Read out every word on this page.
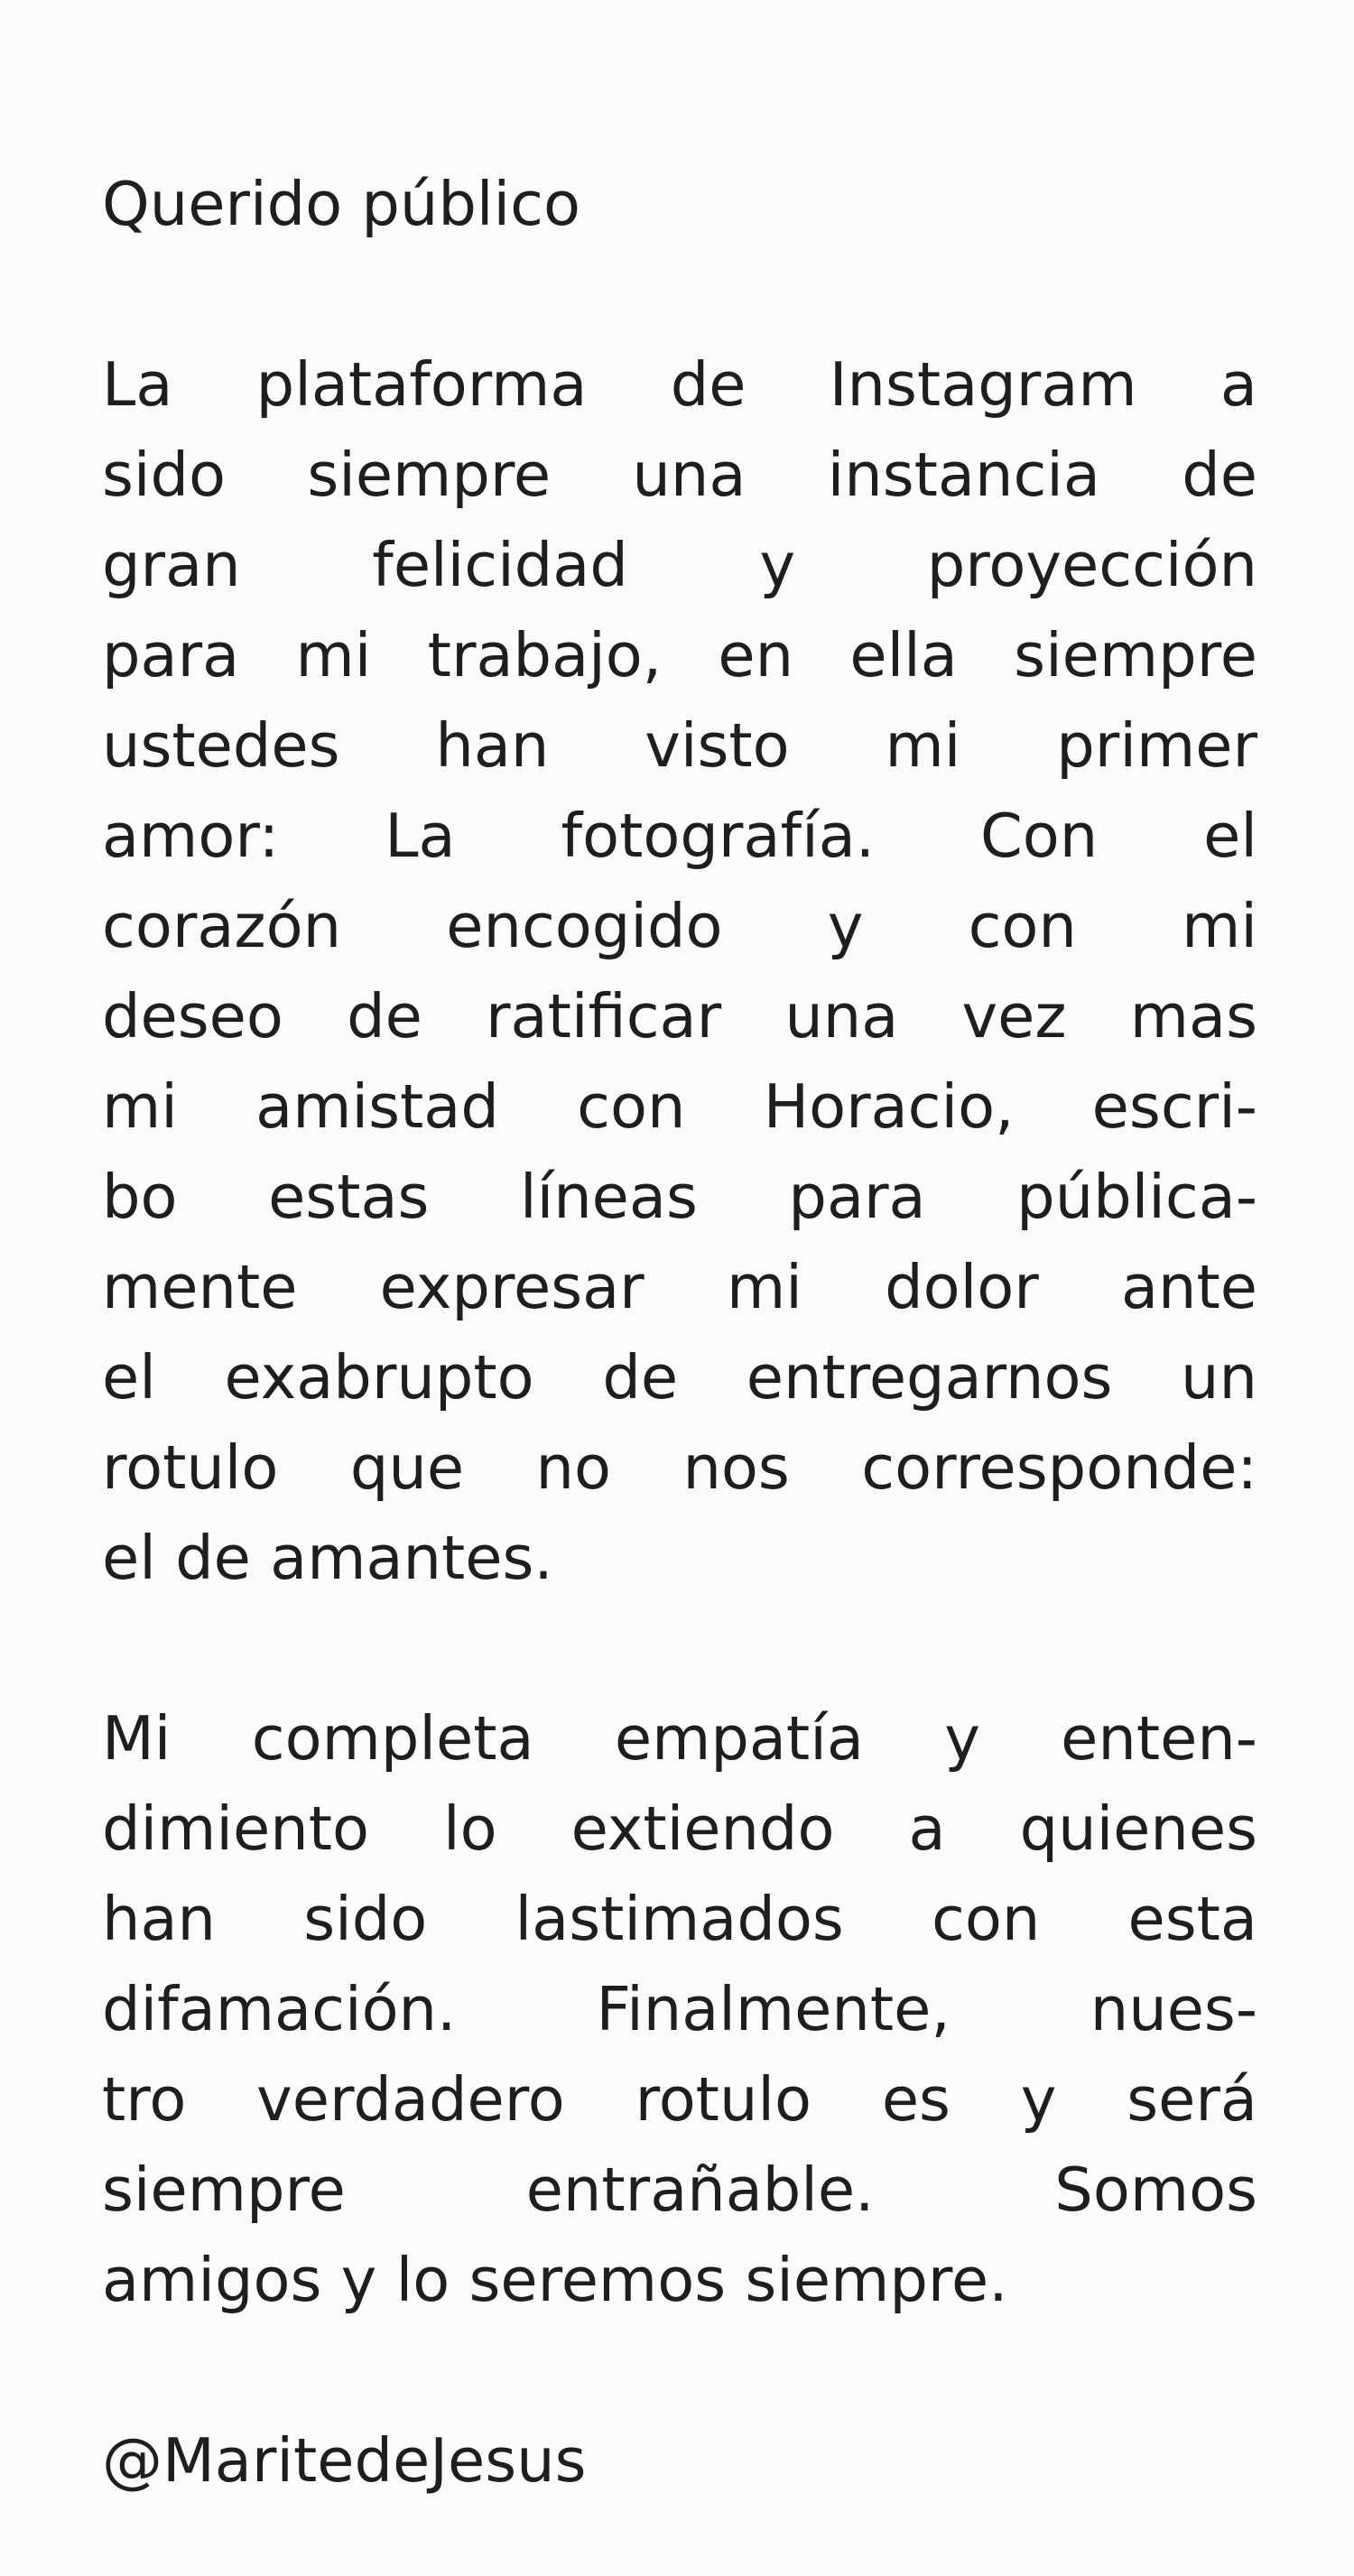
Querido público
La plataforma de Instagram a
sido siempre una instancia de
gran felicidad y proyección
para mi trabajo, en ella siempre
ustedes han visto mi primer
amor: La fotografía. Con el
corazón encogido y con mi
deseo de ratificar una vez mas
mi amistad con Horacio, escri-
bo estas líneas para pública-
mente expresar mi dolor ante
el exabrupto de entregarnos un
rotulo que no nos corresponde:
el de amantes.
Mi completa empatía y enten-
dimiento lo extiendo a quienes
han sido lastimados con esta
difamación. Finalmente, nues-
tro verdadero rotulo es y será
siempre entrañable. Somos
amigos y lo seremos siempre.
@MaritedeJesus
